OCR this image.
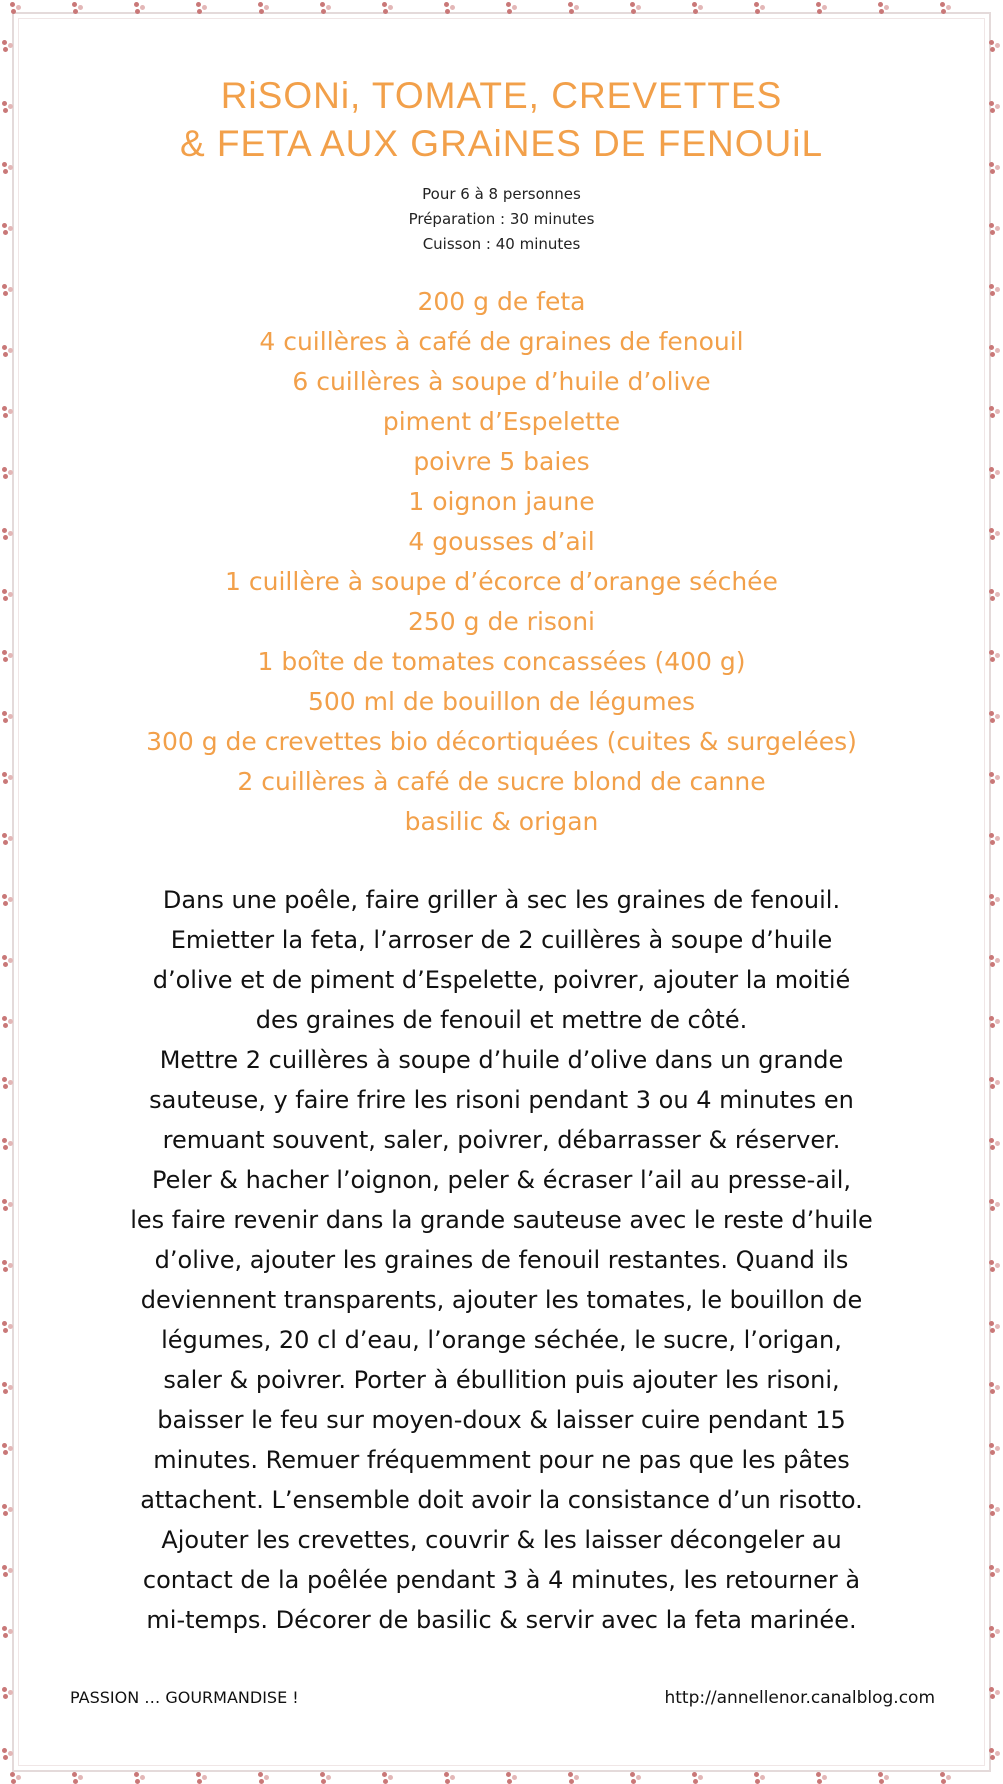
RiSONi, TOMATE, CREVETTES
& FETA AUX GRAiNES DE FENOUiL
Pour 6 à 8 personnes
Préparation : 30 minutes
Cuisson : 40 minutes
200 g de feta
4 cuillères à café de graines de fenouil
6 cuillères à soupe d’huile d’olive
piment d’Espelette
poivre 5 baies
1 oignon jaune
4 gousses d’ail
1 cuillère à soupe d’écorce d’orange séchée
250 g de risoni
1 boîte de tomates concassées (400 g)
500 ml de bouillon de légumes
300 g de crevettes bio décortiquées (cuites & surgelées)
2 cuillères à café de sucre blond de canne
basilic & origan
Dans une poêle, faire griller à sec les graines de fenouil.
Emietter la feta, l’arroser de 2 cuillères à soupe d’huile
d’olive et de piment d’Espelette, poivrer, ajouter la moitié
des graines de fenouil et mettre de côté.
Mettre 2 cuillères à soupe d’huile d’olive dans un grande
sauteuse, y faire frire les risoni pendant 3 ou 4 minutes en
remuant souvent, saler, poivrer, débarrasser & réserver.
Peler & hacher l’oignon, peler & écraser l’ail au presse-ail,
les faire revenir dans la grande sauteuse avec le reste d’huile
d’olive, ajouter les graines de fenouil restantes. Quand ils
deviennent transparents, ajouter les tomates, le bouillon de
légumes, 20 cl d’eau, l’orange séchée, le sucre, l’origan,
saler & poivrer. Porter à ébullition puis ajouter les risoni,
baisser le feu sur moyen-doux & laisser cuire pendant 15
minutes. Remuer fréquemment pour ne pas que les pâtes
attachent. L’ensemble doit avoir la consistance d’un risotto.
Ajouter les crevettes, couvrir & les laisser décongeler au
contact de la poêlée pendant 3 à 4 minutes, les retourner à
mi-temps. Décorer de basilic & servir avec la feta marinée.
PASSION … GOURMANDISE !	http://annellenor.canalblog.com
